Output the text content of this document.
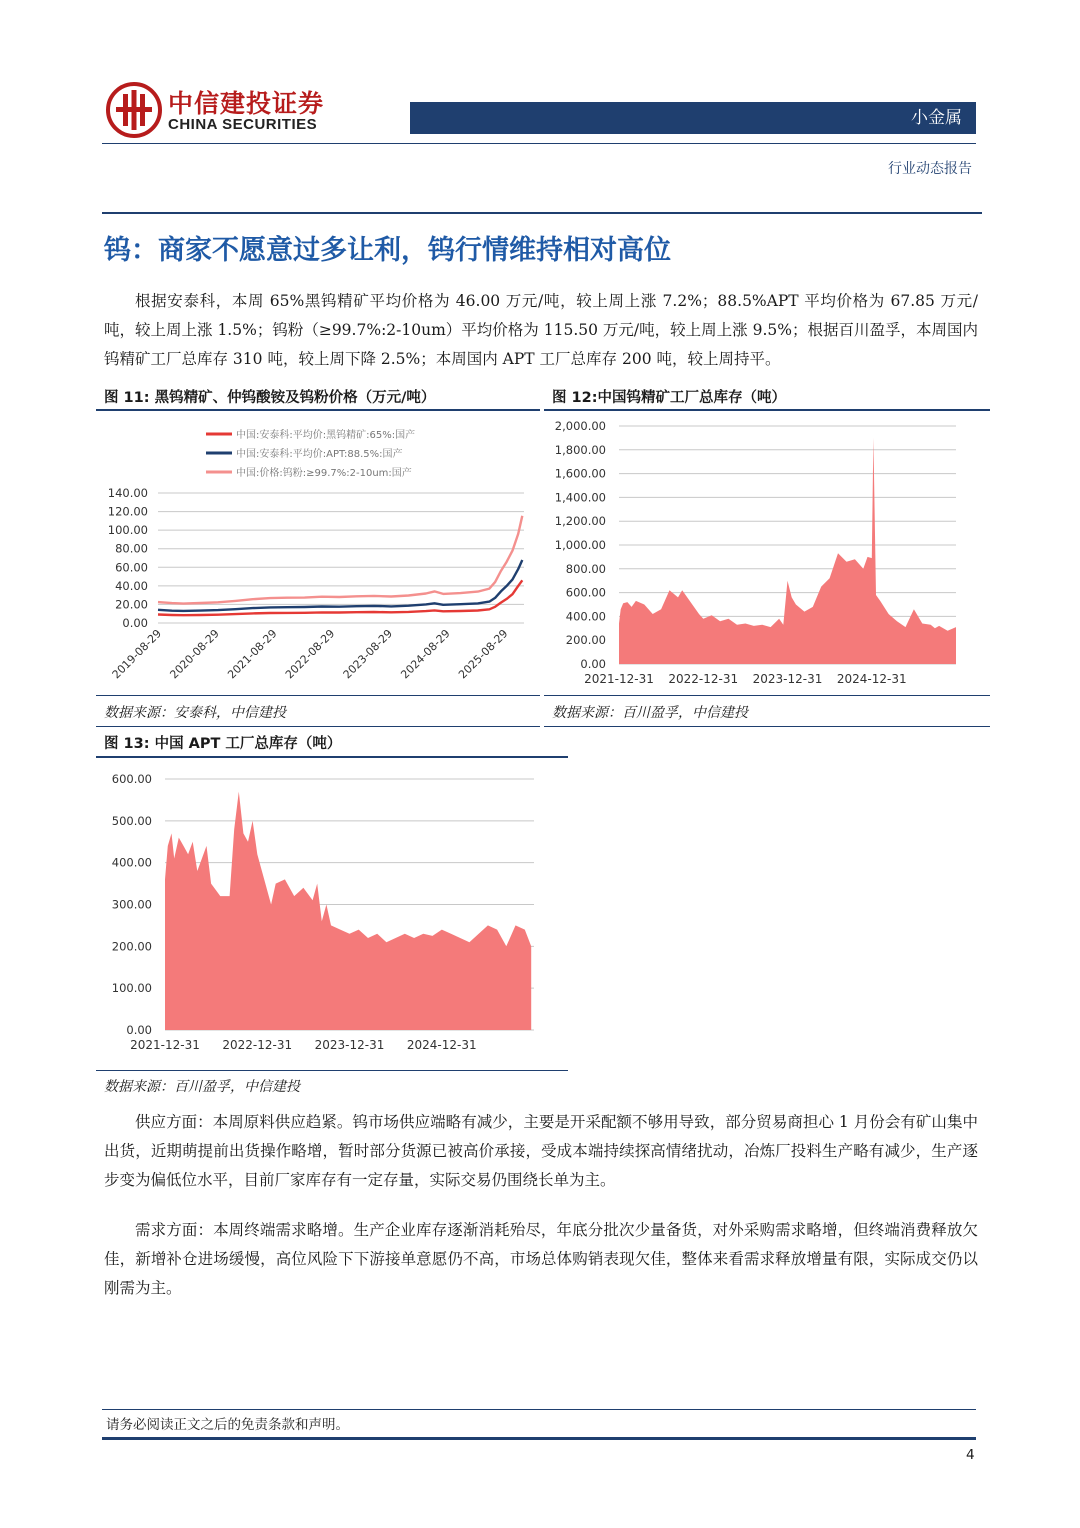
中信建投证券
CHINA SECURITIES	小金属
行业动态报告
钨：商家不愿意过多让利，钨行情维持相对高位
根据安泰科，本周 65%黑钨精矿平均价格为 46.00 万元/吨，较上周上涨 7.2%；88.5%APT 平均价格为 67.85 万元/吨，较上周上涨 1.5%；钨粉（≥99.7%:2-10um）平均价格为 115.50 万元/吨，较上周上涨 9.5%；根据百川盈孚，本周国内钨精矿工厂总库存 310 吨，较上周下降 2.5%；本周国内 APT 工厂总库存 200 吨，较上周持平。
图 11: 黑钨精矿、仲钨酸铵及钨粉价格（万元/吨）
140.00
120.00
100.00
80.00
60.00
40.00
20.00
0.00
2019-08-29 2020-08-29 2021-08-29 2022-08-29 2023-08-29 2024-08-29 2025-08-29
中国:安泰科:平均价:黑钨精矿:65%:国产
中国:安泰科:平均价:APT:88.5%:国产
中国:价格:钨粉:≥99.7%:2-10um:国产
数据来源：安泰科，中信建投
图 12:中国钨精矿工厂总库存（吨）
2,000.00
1,800.00
1,600.00
1,400.00
1,200.00
1,000.00
800.00
600.00
400.00
200.00
0.00
2021-12-31 2022-12-31 2023-12-31 2024-12-31
数据来源：百川盈孚，中信建投
图 13: 中国 APT 工厂总库存（吨）
600.00
500.00
400.00
300.00
200.00
100.00
0.00
2021-12-31 2022-12-31 2023-12-31 2024-12-31
数据来源：百川盈孚，中信建投
供应方面：本周原料供应趋紧。钨市场供应端略有减少，主要是开采配额不够用导致，部分贸易商担心 1 月份会有矿山集中出货，近期萌提前出货操作略增，暂时部分货源已被高价承接，受成本端持续探高情绪扰动，冶炼厂投料生产略有减少，生产逐步变为偏低位水平，目前厂家库存有一定存量，实际交易仍围绕长单为主。
需求方面：本周终端需求略增。生产企业库存逐渐消耗殆尽，年底分批次少量备货，对外采购需求略增，但终端消费释放欠佳，新增补仓进场缓慢，高位风险下下游接单意愿仍不高，市场总体购销表现欠佳，整体来看需求释放增量有限，实际成交仍以刚需为主。
请务必阅读正文之后的免责条款和声明。
4
